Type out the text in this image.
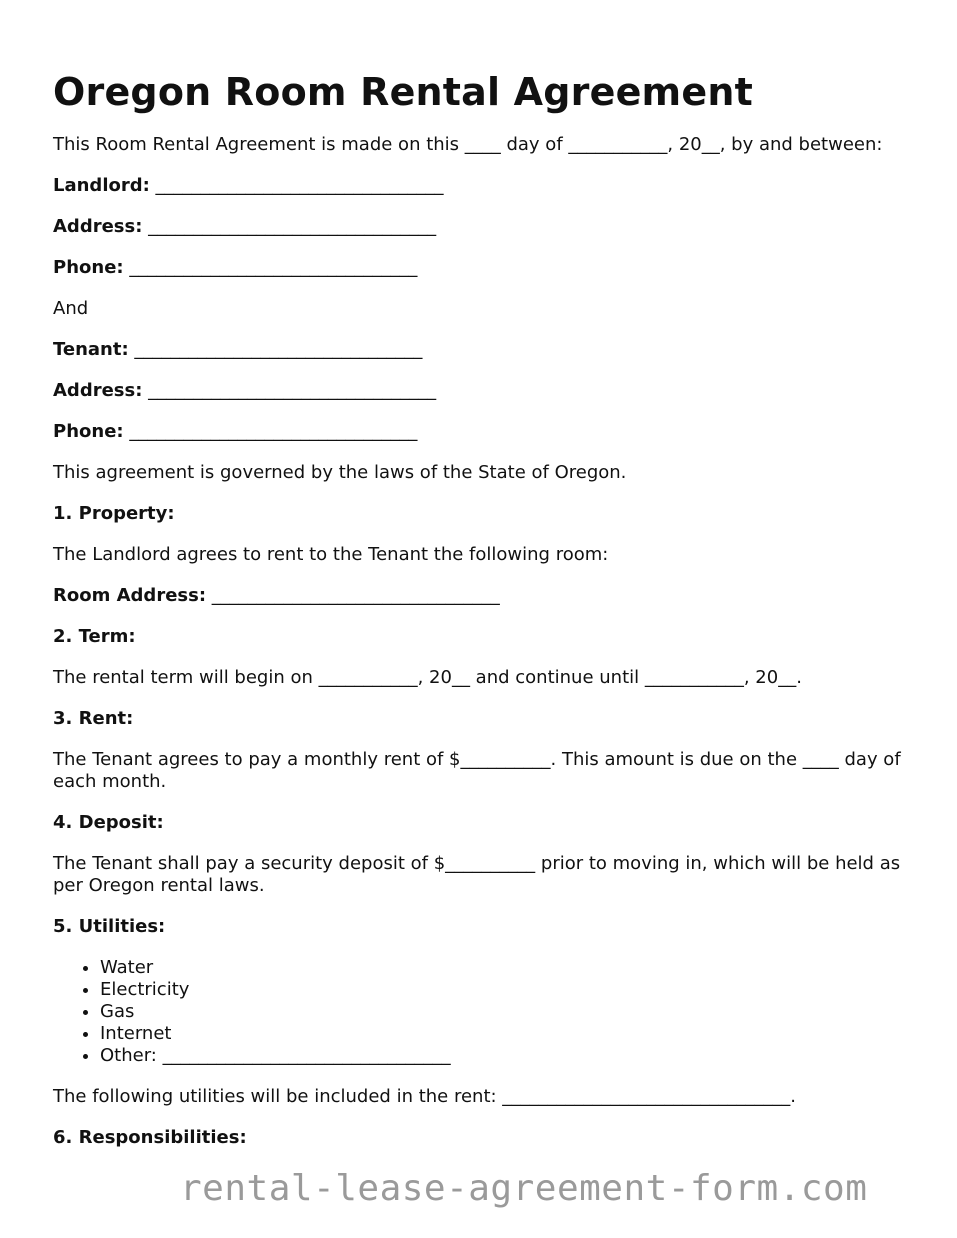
Oregon Room Rental Agreement

This Room Rental Agreement is made on this ____ day of ___________, 20__, by and between:

Landlord: ________________________________

Address: ________________________________

Phone: ________________________________

And

Tenant: ________________________________

Address: ________________________________

Phone: ________________________________

This agreement is governed by the laws of the State of Oregon.

1. Property:

The Landlord agrees to rent to the Tenant the following room:

Room Address: ________________________________

2. Term:

The rental term will begin on ___________, 20__ and continue until ___________, 20__.

3. Rent:

The Tenant agrees to pay a monthly rent of $__________. This amount is due on the ____ day of each month.

4. Deposit:

The Tenant shall pay a security deposit of $__________ prior to moving in, which will be held as per Oregon rental laws.

5. Utilities:
• Water
• Electricity
• Gas
• Internet
• Other: ________________________________

The following utilities will be included in the rent: ________________________________.

6. Responsibilities:
rental-lease-agreement-form.com
